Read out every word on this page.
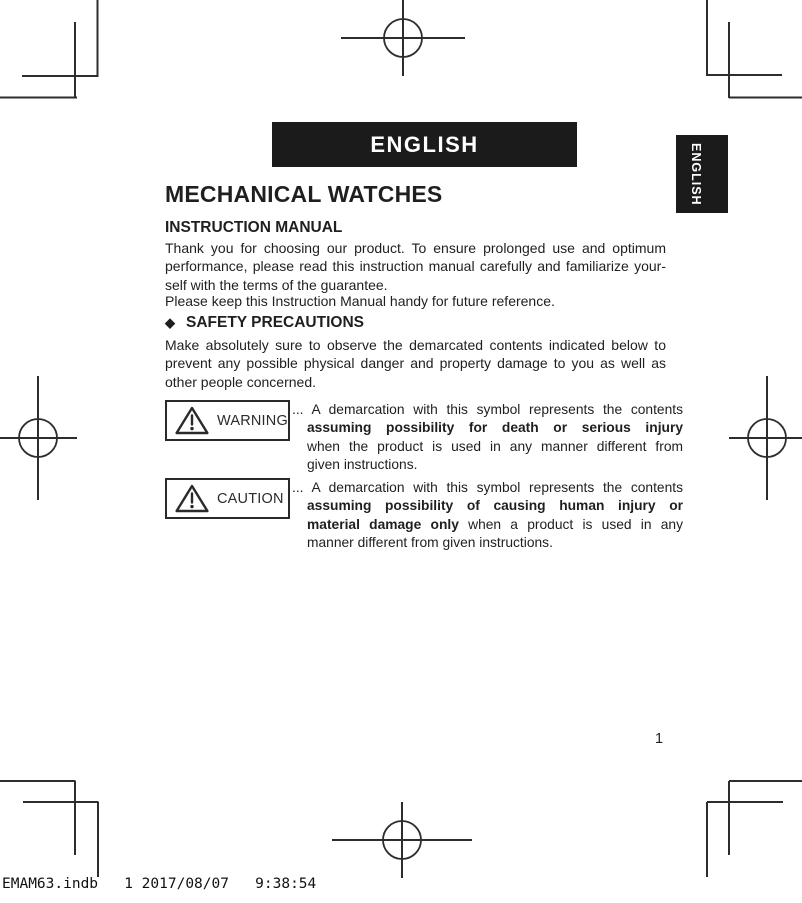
ENGLISH	ENGLISH
MECHANICAL WATCHES
INSTRUCTION MANUAL

Thank you for choosing our product. To ensure prolonged use and optimum performance, please read this instruction manual carefully and familiarize your-self with the terms of the guarantee.

Please keep this Instruction Manual handy for future reference.

◆ SAFETY PRECAUTIONS

Make absolutely sure to observe the demarcated contents indicated below to prevent any possible physical danger and property damage to you as well as other people concerned.

WARNING
... A demarcation with this symbol represents the contents
assuming possibility for death or serious injury
when the product is used in any manner different from
given instructions.
CAUTION
... A demarcation with this symbol represents the contents
assuming possibility of causing human injury or
material damage only when a product is used in any
manner different from given instructions.
1
EMAM63.indb   1 2017/08/07   9:38:54
